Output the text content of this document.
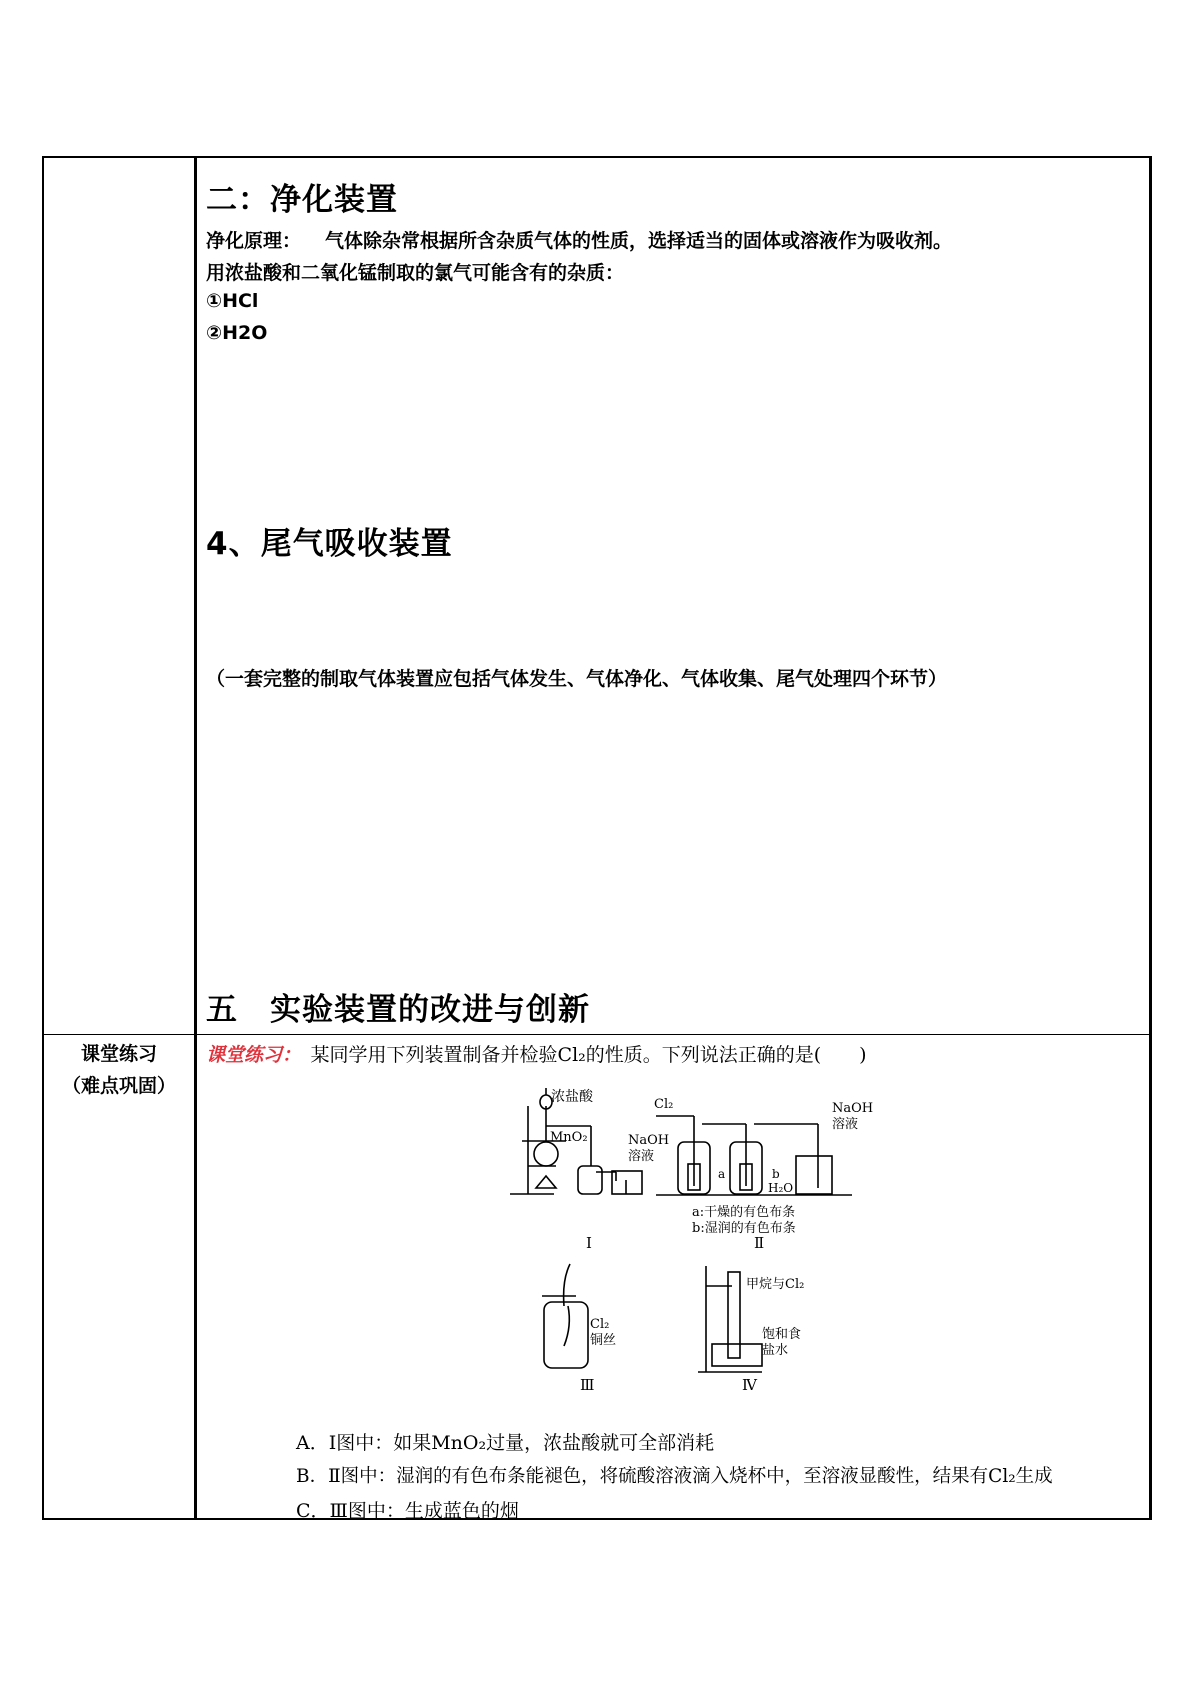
二：净化装置
净化原理： 气体除杂常根据所含杂质气体的性质，选择适当的固体或溶液作为吸收剂。
用浓盐酸和二氧化锰制取的氯气可能含有的杂质：
①HCl
②H2O
4、尾气吸收装置
（一套完整的制取气体装置应包括气体发生、气体净化、气体收集、尾气处理四个环节）
五　实验装置的改进与创新
课堂练习
（难点巩固）
课堂练习：　 某同学用下列装置制备并检验Cl₂的性质。下列说法正确的是(　　)
浓盐酸
MnO₂	NaOH
溶液
Ⅰ
Cl₂	NaOH
溶液
a	b
H₂O
a:干燥的有色布条
b:湿润的有色布条
Ⅱ
Cl₂
铜丝
Ⅲ
甲烷与Cl₂
饱和食
盐水
Ⅳ
A．Ⅰ图中：如果MnO₂过量，浓盐酸就可全部消耗
B．Ⅱ图中：湿润的有色布条能褪色，将硫酸溶液滴入烧杯中，至溶液显酸性，结果有Cl₂生成
C．Ⅲ图中：生成蓝色的烟
